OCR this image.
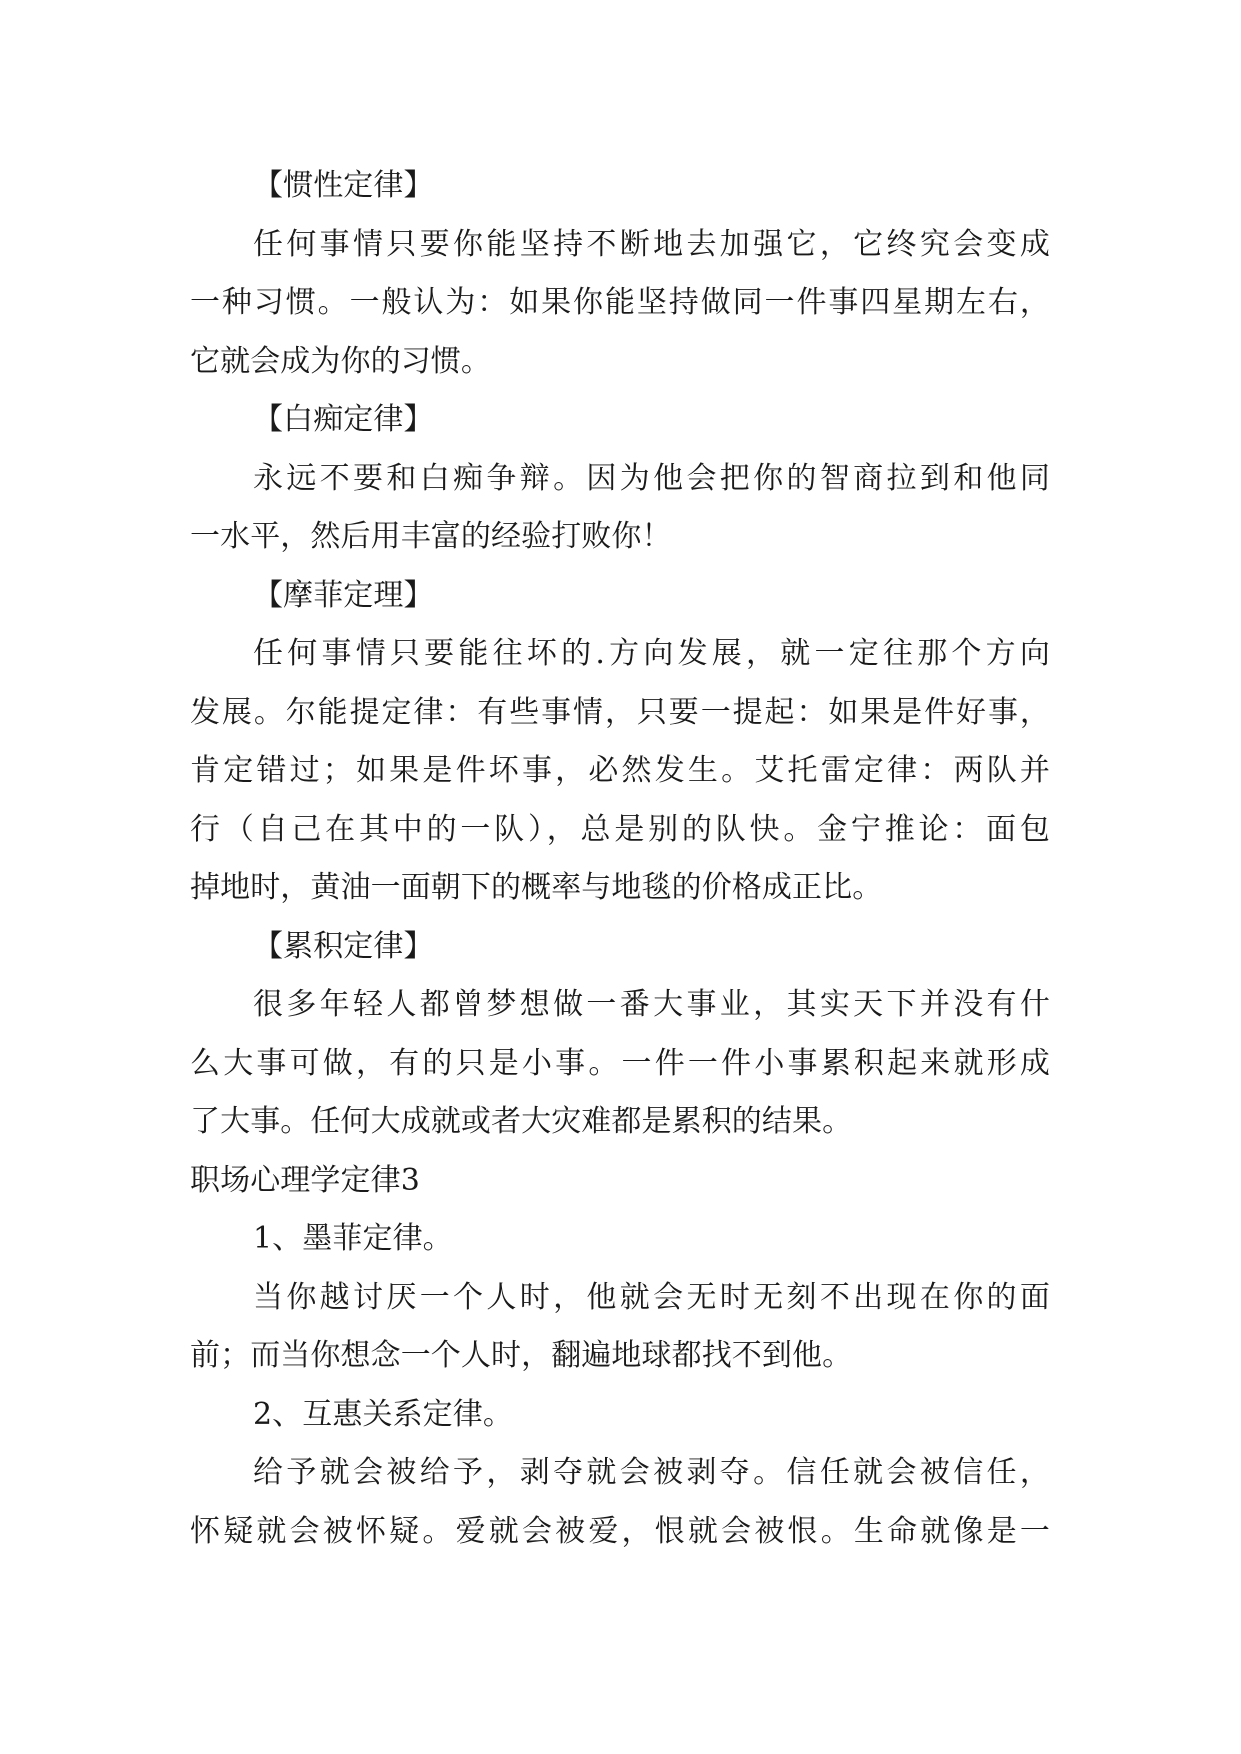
【惯性定律】
任何事情只要你能坚持不断地去加强它，它终究会变成
一种习惯。一般认为：如果你能坚持做同一件事四星期左右，
它就会成为你的习惯。
【白痴定律】
永远不要和白痴争辩。因为他会把你的智商拉到和他同
一水平，然后用丰富的经验打败你！
【摩菲定理】
任何事情只要能往坏的.方向发展，就一定往那个方向
发展。尔能提定律：有些事情，只要一提起：如果是件好事，
肯定错过；如果是件坏事，必然发生。艾托雷定律：两队并
行（自己在其中的一队），总是别的队快。金宁推论：面包
掉地时，黄油一面朝下的概率与地毯的价格成正比。
【累积定律】
很多年轻人都曾梦想做一番大事业，其实天下并没有什
么大事可做，有的只是小事。一件一件小事累积起来就形成
了大事。任何大成就或者大灾难都是累积的结果。
职场心理学定律3
1、墨菲定律。
当你越讨厌一个人时，他就会无时无刻不出现在你的面
前；而当你想念一个人时，翻遍地球都找不到他。
2、互惠关系定律。
给予就会被给予，剥夺就会被剥夺。信任就会被信任，
怀疑就会被怀疑。爱就会被爱，恨就会被恨。生命就像是一
